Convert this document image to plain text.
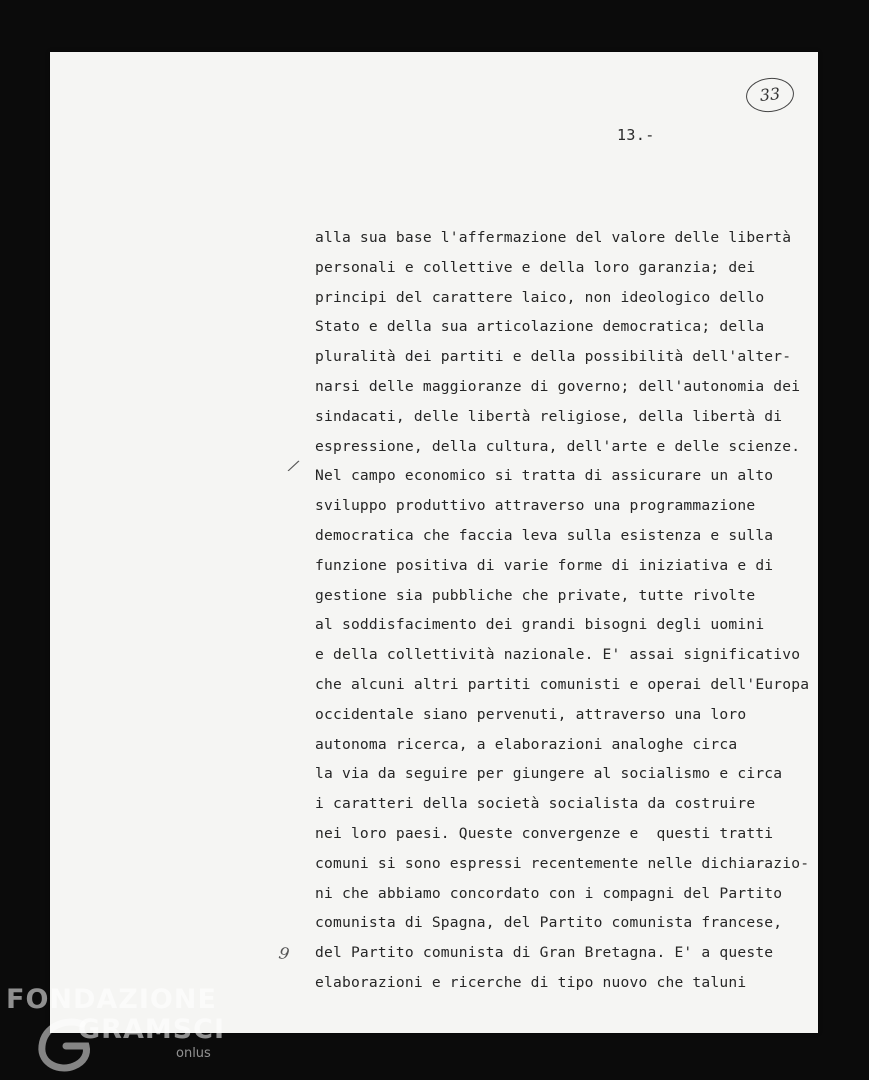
33
13.-
/
9
alla sua base l'affermazione del valore delle libertà
personali e collettive e della loro garanzia; dei
principi del carattere laico, non ideologico dello
Stato e della sua articolazione democratica; della
pluralità dei partiti e della possibilità dell'alter-
narsi delle maggioranze di governo; dell'autonomia dei
sindacati, delle libertà religiose, della libertà di
espressione, della cultura, dell'arte e delle scienze.
Nel campo economico si tratta di assicurare un alto
sviluppo produttivo attraverso una programmazione
democratica che faccia leva sulla esistenza e sulla
funzione positiva di varie forme di iniziativa e di
gestione sia pubbliche che private, tutte rivolte
al soddisfacimento dei grandi bisogni degli uomini
e della collettività nazionale. E' assai significativo
che alcuni altri partiti comunisti e operai dell'Europa
occidentale siano pervenuti, attraverso una loro
autonoma ricerca, a elaborazioni analoghe circa
la via da seguire per giungere al socialismo e circa
i caratteri della società socialista da costruire
nei loro paesi. Queste convergenze e  questi tratti
comuni si sono espressi recentemente nelle dichiarazio-
ni che abbiamo concordato con i compagni del Partito
comunista di Spagna, del Partito comunista francese,
del Partito comunista di Gran Bretagna. E' a queste
elaborazioni e ricerche di tipo nuovo che taluni
FONDAZIONE
GRAMSCI
onlus
